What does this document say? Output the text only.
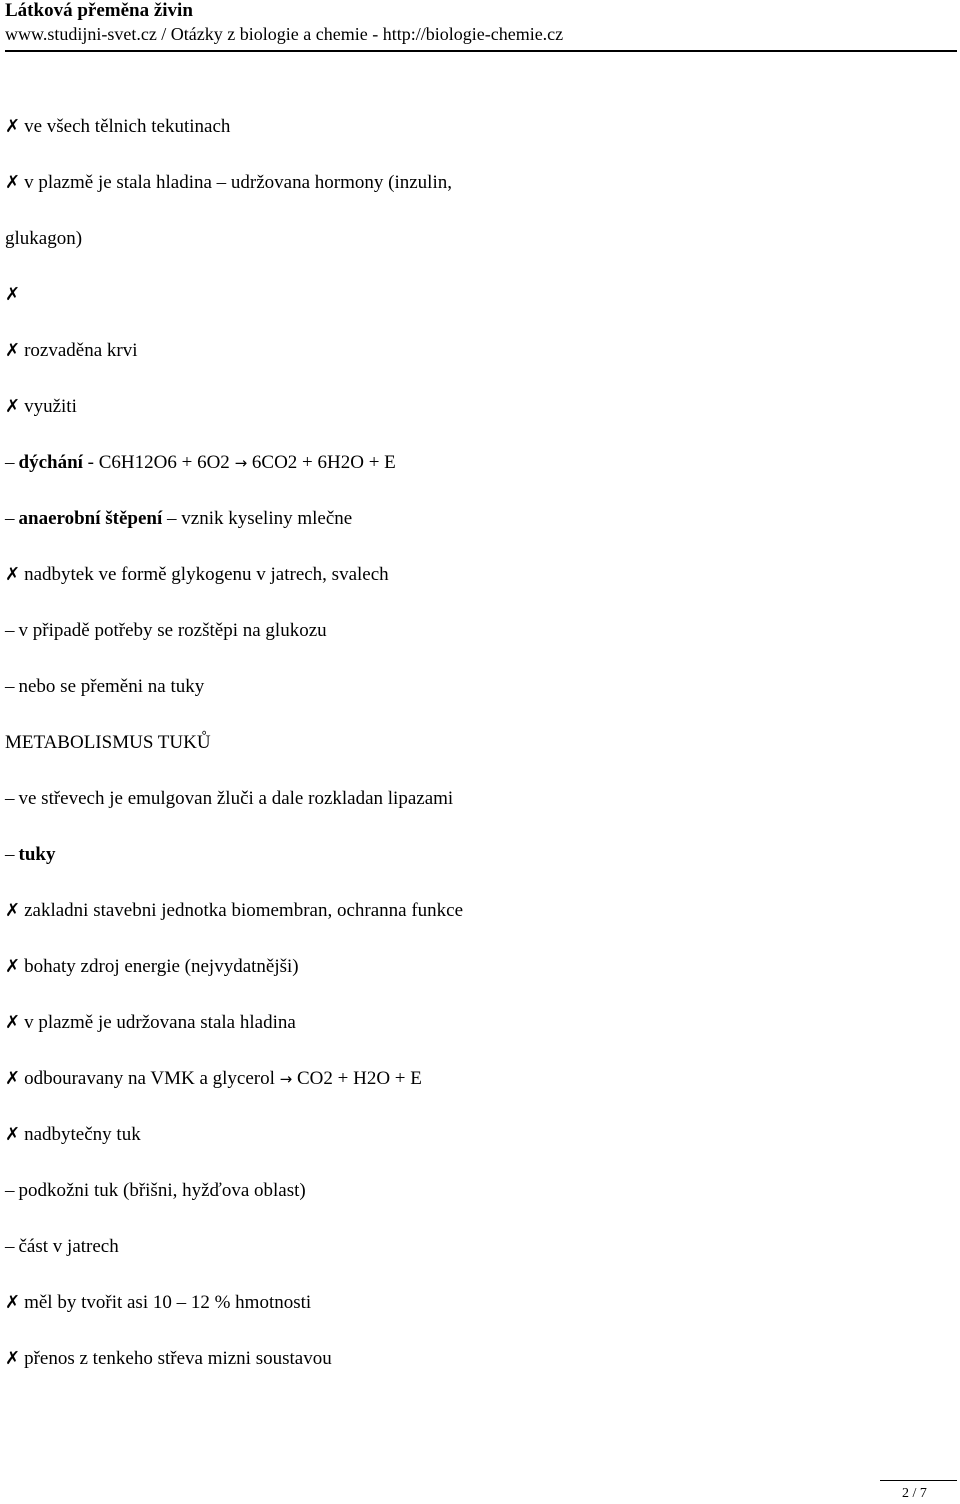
Látková přeměna živin
www.studijni-svet.cz / Otázky z biologie a chemie - http://biologie-chemie.cz
✗ ve všech tělnich tekutinach
✗ v plazmě je stala hladina – udržovana hormony (inzulin,
glukagon)
✗
✗ rozvaděna krvi
✗ využiti
– dýchání - C6H12O6 + 6O2 → 6CO2 + 6H2O + E
– anaerobní štěpení – vznik kyseliny mlečne
✗ nadbytek ve formě glykogenu v jatrech, svalech
– v připadě potřeby se rozštěpi na glukozu
– nebo se přeměni na tuky
METABOLISMUS TUKŮ
– ve střevech je emulgovan žluči a dale rozkladan lipazami
– tuky
✗ zakladni stavebni jednotka biomembran, ochranna funkce
✗ bohaty zdroj energie (nejvydatnějši)
✗ v plazmě je udržovana stala hladina
✗ odbouravany na VMK a glycerol → CO2 + H2O + E
✗ nadbytečny tuk
– podkožni tuk (břišni, hyžďova oblast)
– část v jatrech
✗ měl by tvořit asi 10 – 12 % hmotnosti
✗ přenos z tenkeho střeva mizni soustavou
2 / 7
